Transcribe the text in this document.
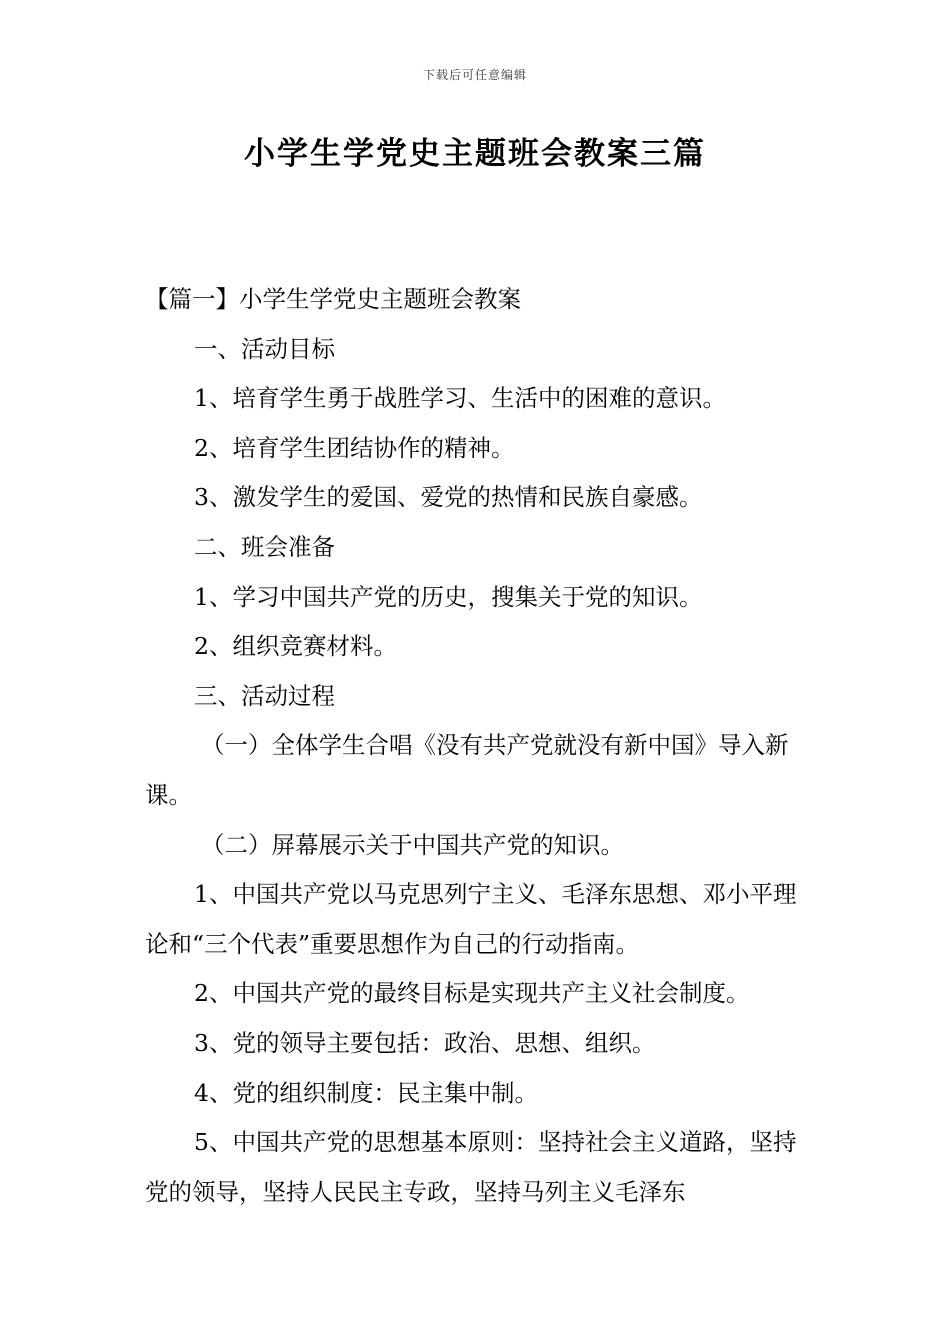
下载后可任意编辑
小学生学党史主题班会教案三篇

【篇一】小学生学党史主题班会教案

一、活动目标

1、培育学生勇于战胜学习、生活中的困难的意识。

2、培育学生团结协作的精神。

3、激发学生的爱国、爱党的热情和民族自豪感。

二、班会准备

1、学习中国共产党的历史，搜集关于党的知识。

2、组织竞赛材料。

三、活动过程

（一）全体学生合唱《没有共产党就没有新中国》导入新课。

（二）屏幕展示关于中国共产党的知识。

1、中国共产党以马克思列宁主义、毛泽东思想、邓小平理论和“三个代表”重要思想作为自己的行动指南。

2、中国共产党的最终目标是实现共产主义社会制度。

3、党的领导主要包括：政治、思想、组织。

4、党的组织制度：民主集中制。

5、中国共产党的思想基本原则：坚持社会主义道路，坚持党的领导，坚持人民民主专政，坚持马列主义毛泽东
